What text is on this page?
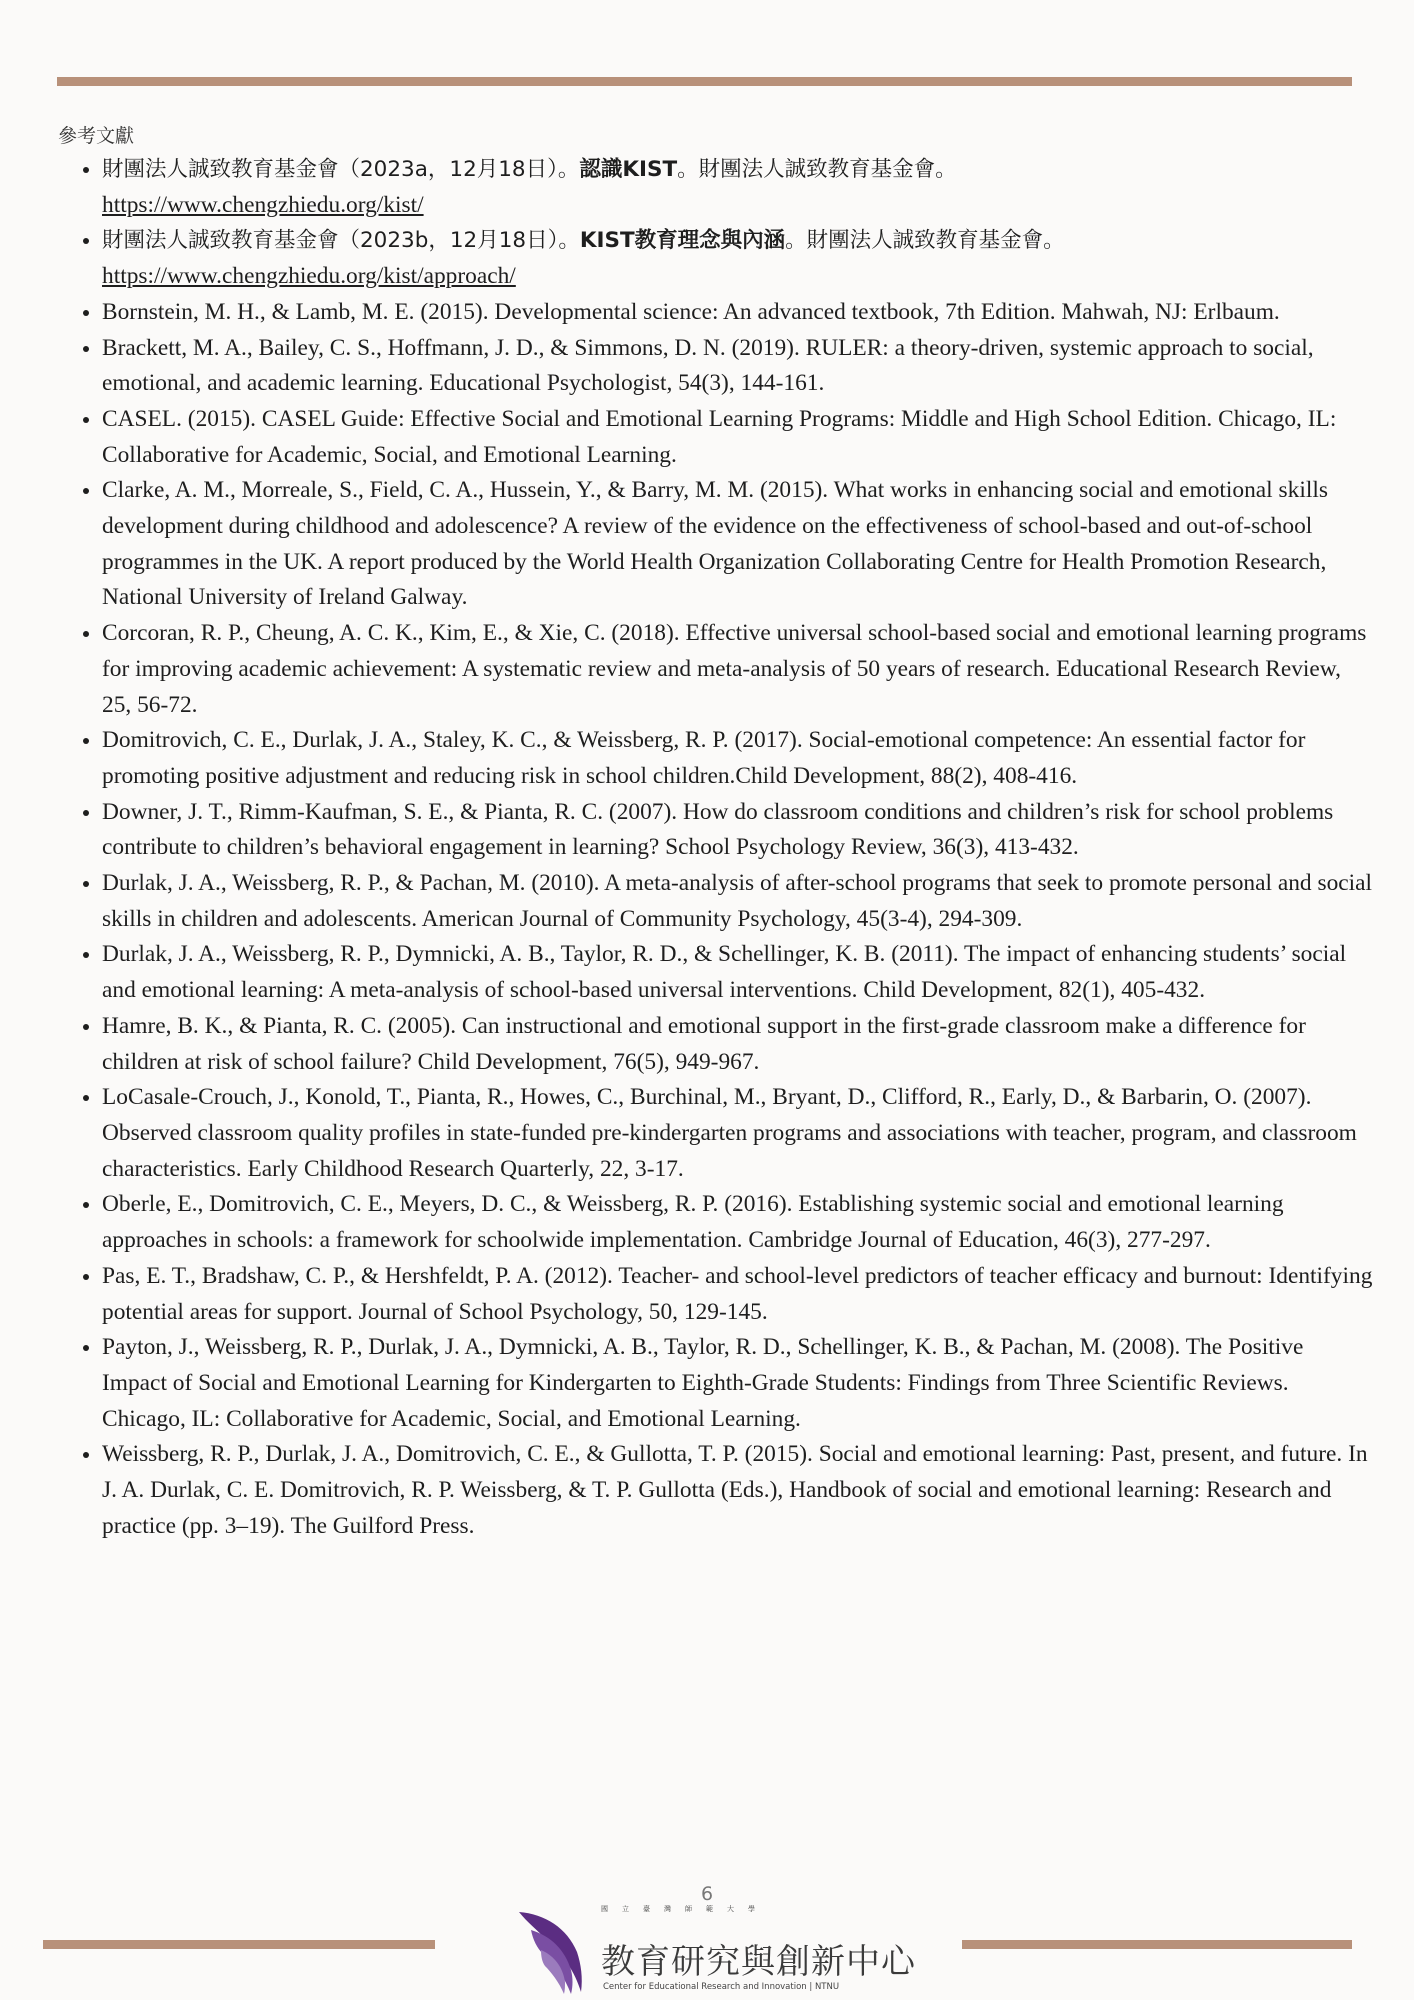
參考文獻
財團法人誠致教育基金會（2023a，12月18日）。認識KIST。財團法人誠致教育基金會。
https://www.chengzhiedu.org/kist/
財團法人誠致教育基金會（2023b，12月18日）。KIST教育理念與內涵。財團法人誠致教育基金會。
https://www.chengzhiedu.org/kist/approach/
Bornstein, M. H., & Lamb, M. E. (2015). Developmental science: An advanced textbook, 7th Edition. Mahwah, NJ: Erlbaum.
Brackett, M. A., Bailey, C. S., Hoffmann, J. D., & Simmons, D. N. (2019). RULER: a theory-driven, systemic approach to social, emotional, and academic learning. Educational Psychologist, 54(3), 144-161.
CASEL. (2015). CASEL Guide: Effective Social and Emotional Learning Programs: Middle and High School Edition. Chicago, IL: Collaborative for Academic, Social, and Emotional Learning.
Clarke, A. M., Morreale, S., Field, C. A., Hussein, Y., & Barry, M. M. (2015). What works in enhancing social and emotional skills development during childhood and adolescence? A review of the evidence on the effectiveness of school-based and out-of-school programmes in the UK. A report produced by the World Health Organization Collaborating Centre for Health Promotion Research, National University of Ireland Galway.
Corcoran, R. P., Cheung, A. C. K., Kim, E., & Xie, C. (2018). Effective universal school-based social and emotional learning programs for improving academic achievement: A systematic review and meta-analysis of 50 years of research. Educational Research Review, 25, 56-72.
Domitrovich, C. E., Durlak, J. A., Staley, K. C., & Weissberg, R. P. (2017). Social-emotional competence: An essential factor for promoting positive adjustment and reducing risk in school children.Child Development, 88(2), 408-416.
Downer, J. T., Rimm-Kaufman, S. E., & Pianta, R. C. (2007). How do classroom conditions and children’s risk for school problems contribute to children’s behavioral engagement in learning? School Psychology Review, 36(3), 413-432.
Durlak, J. A., Weissberg, R. P., & Pachan, M. (2010). A meta-analysis of after-school programs that seek to promote personal and social skills in children and adolescents. American Journal of Community Psychology, 45(3-4), 294-309.
Durlak, J. A., Weissberg, R. P., Dymnicki, A. B., Taylor, R. D., & Schellinger, K. B. (2011). The impact of enhancing students’ social and emotional learning: A meta-analysis of school-based universal interventions. Child Development, 82(1), 405-432.
Hamre, B. K., & Pianta, R. C. (2005). Can instructional and emotional support in the first-grade classroom make a difference for children at risk of school failure? Child Development, 76(5), 949-967.
LoCasale-Crouch, J., Konold, T., Pianta, R., Howes, C., Burchinal, M., Bryant, D., Clifford, R., Early, D., & Barbarin, O. (2007). Observed classroom quality profiles in state-funded pre-kindergarten programs and associations with teacher, program, and classroom characteristics. Early Childhood Research Quarterly, 22, 3-17.
Oberle, E., Domitrovich, C. E., Meyers, D. C., & Weissberg, R. P. (2016). Establishing systemic social and emotional learning approaches in schools: a framework for schoolwide implementation. Cambridge Journal of Education, 46(3), 277-297.
Pas, E. T., Bradshaw, C. P., & Hershfeldt, P. A. (2012). Teacher- and school-level predictors of teacher efficacy and burnout: Identifying potential areas for support. Journal of School Psychology, 50, 129-145.
Payton, J., Weissberg, R. P., Durlak, J. A., Dymnicki, A. B., Taylor, R. D., Schellinger, K. B., & Pachan, M. (2008). The Positive Impact of Social and Emotional Learning for Kindergarten to Eighth-Grade Students: Findings from Three Scientific Reviews. Chicago, IL: Collaborative for Academic, Social, and Emotional Learning.
Weissberg, R. P., Durlak, J. A., Domitrovich, C. E., & Gullotta, T. P. (2015). Social and emotional learning: Past, present, and future. In J. A. Durlak, C. E. Domitrovich, R. P. Weissberg, & T. P. Gullotta (Eds.), Handbook of social and emotional learning: Research and practice (pp. 3–19). The Guilford Press.
6
國立臺灣師範大學
教育研究與創新中心
Center for Educational Research and Innovation | NTNU
